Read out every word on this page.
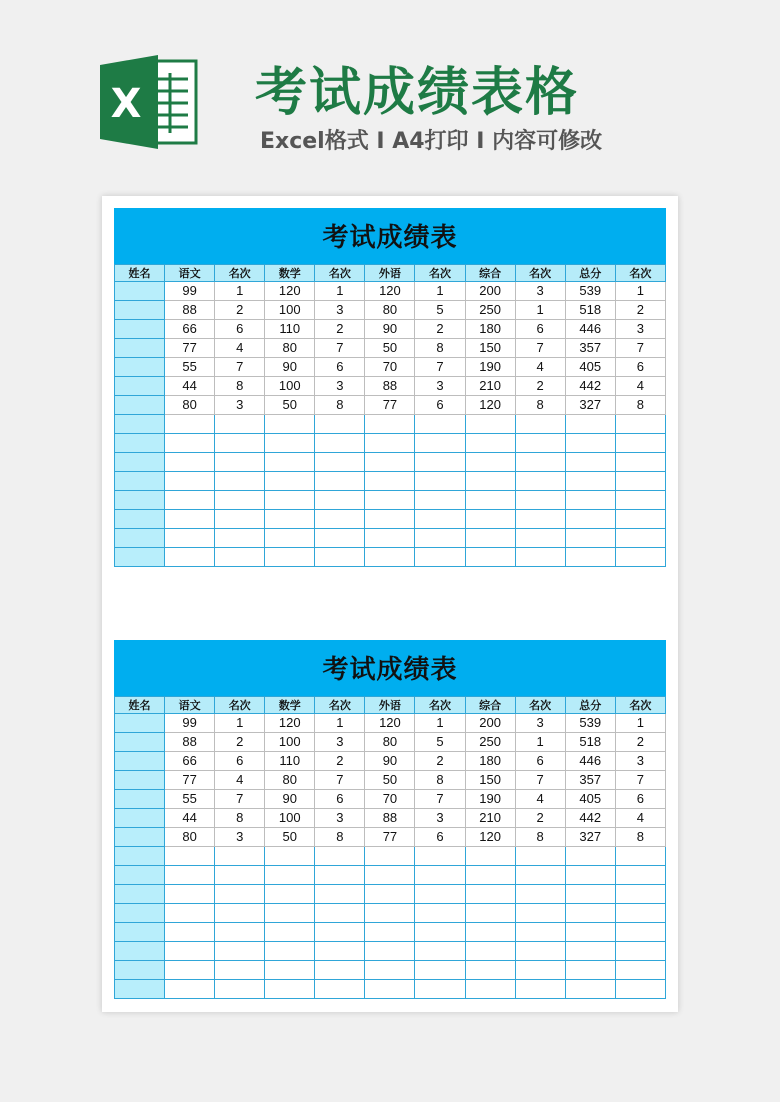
X 考试成绩表格
Excel格式 I A4打印 I 内容可修改
考试成绩表
姓名	语文	名次	数学	名次	外语	名次	综合	名次	总分	名次
	99	1	120	1	120	1	200	3	539	1
	88	2	100	3	80	5	250	1	518	2
	66	6	110	2	90	2	180	6	446	3
	77	4	80	7	50	8	150	7	357	7
	55	7	90	6	70	7	190	4	405	6
	44	8	100	3	88	3	210	2	442	4
	80	3	50	8	77	6	120	8	327	8

考试成绩表
姓名	语文	名次	数学	名次	外语	名次	综合	名次	总分	名次
	99	1	120	1	120	1	200	3	539	1
	88	2	100	3	80	5	250	1	518	2
	66	6	110	2	90	2	180	6	446	3
	77	4	80	7	50	8	150	7	357	7
	55	7	90	6	70	7	190	4	405	6
	44	8	100	3	88	3	210	2	442	4
	80	3	50	8	77	6	120	8	327	8
